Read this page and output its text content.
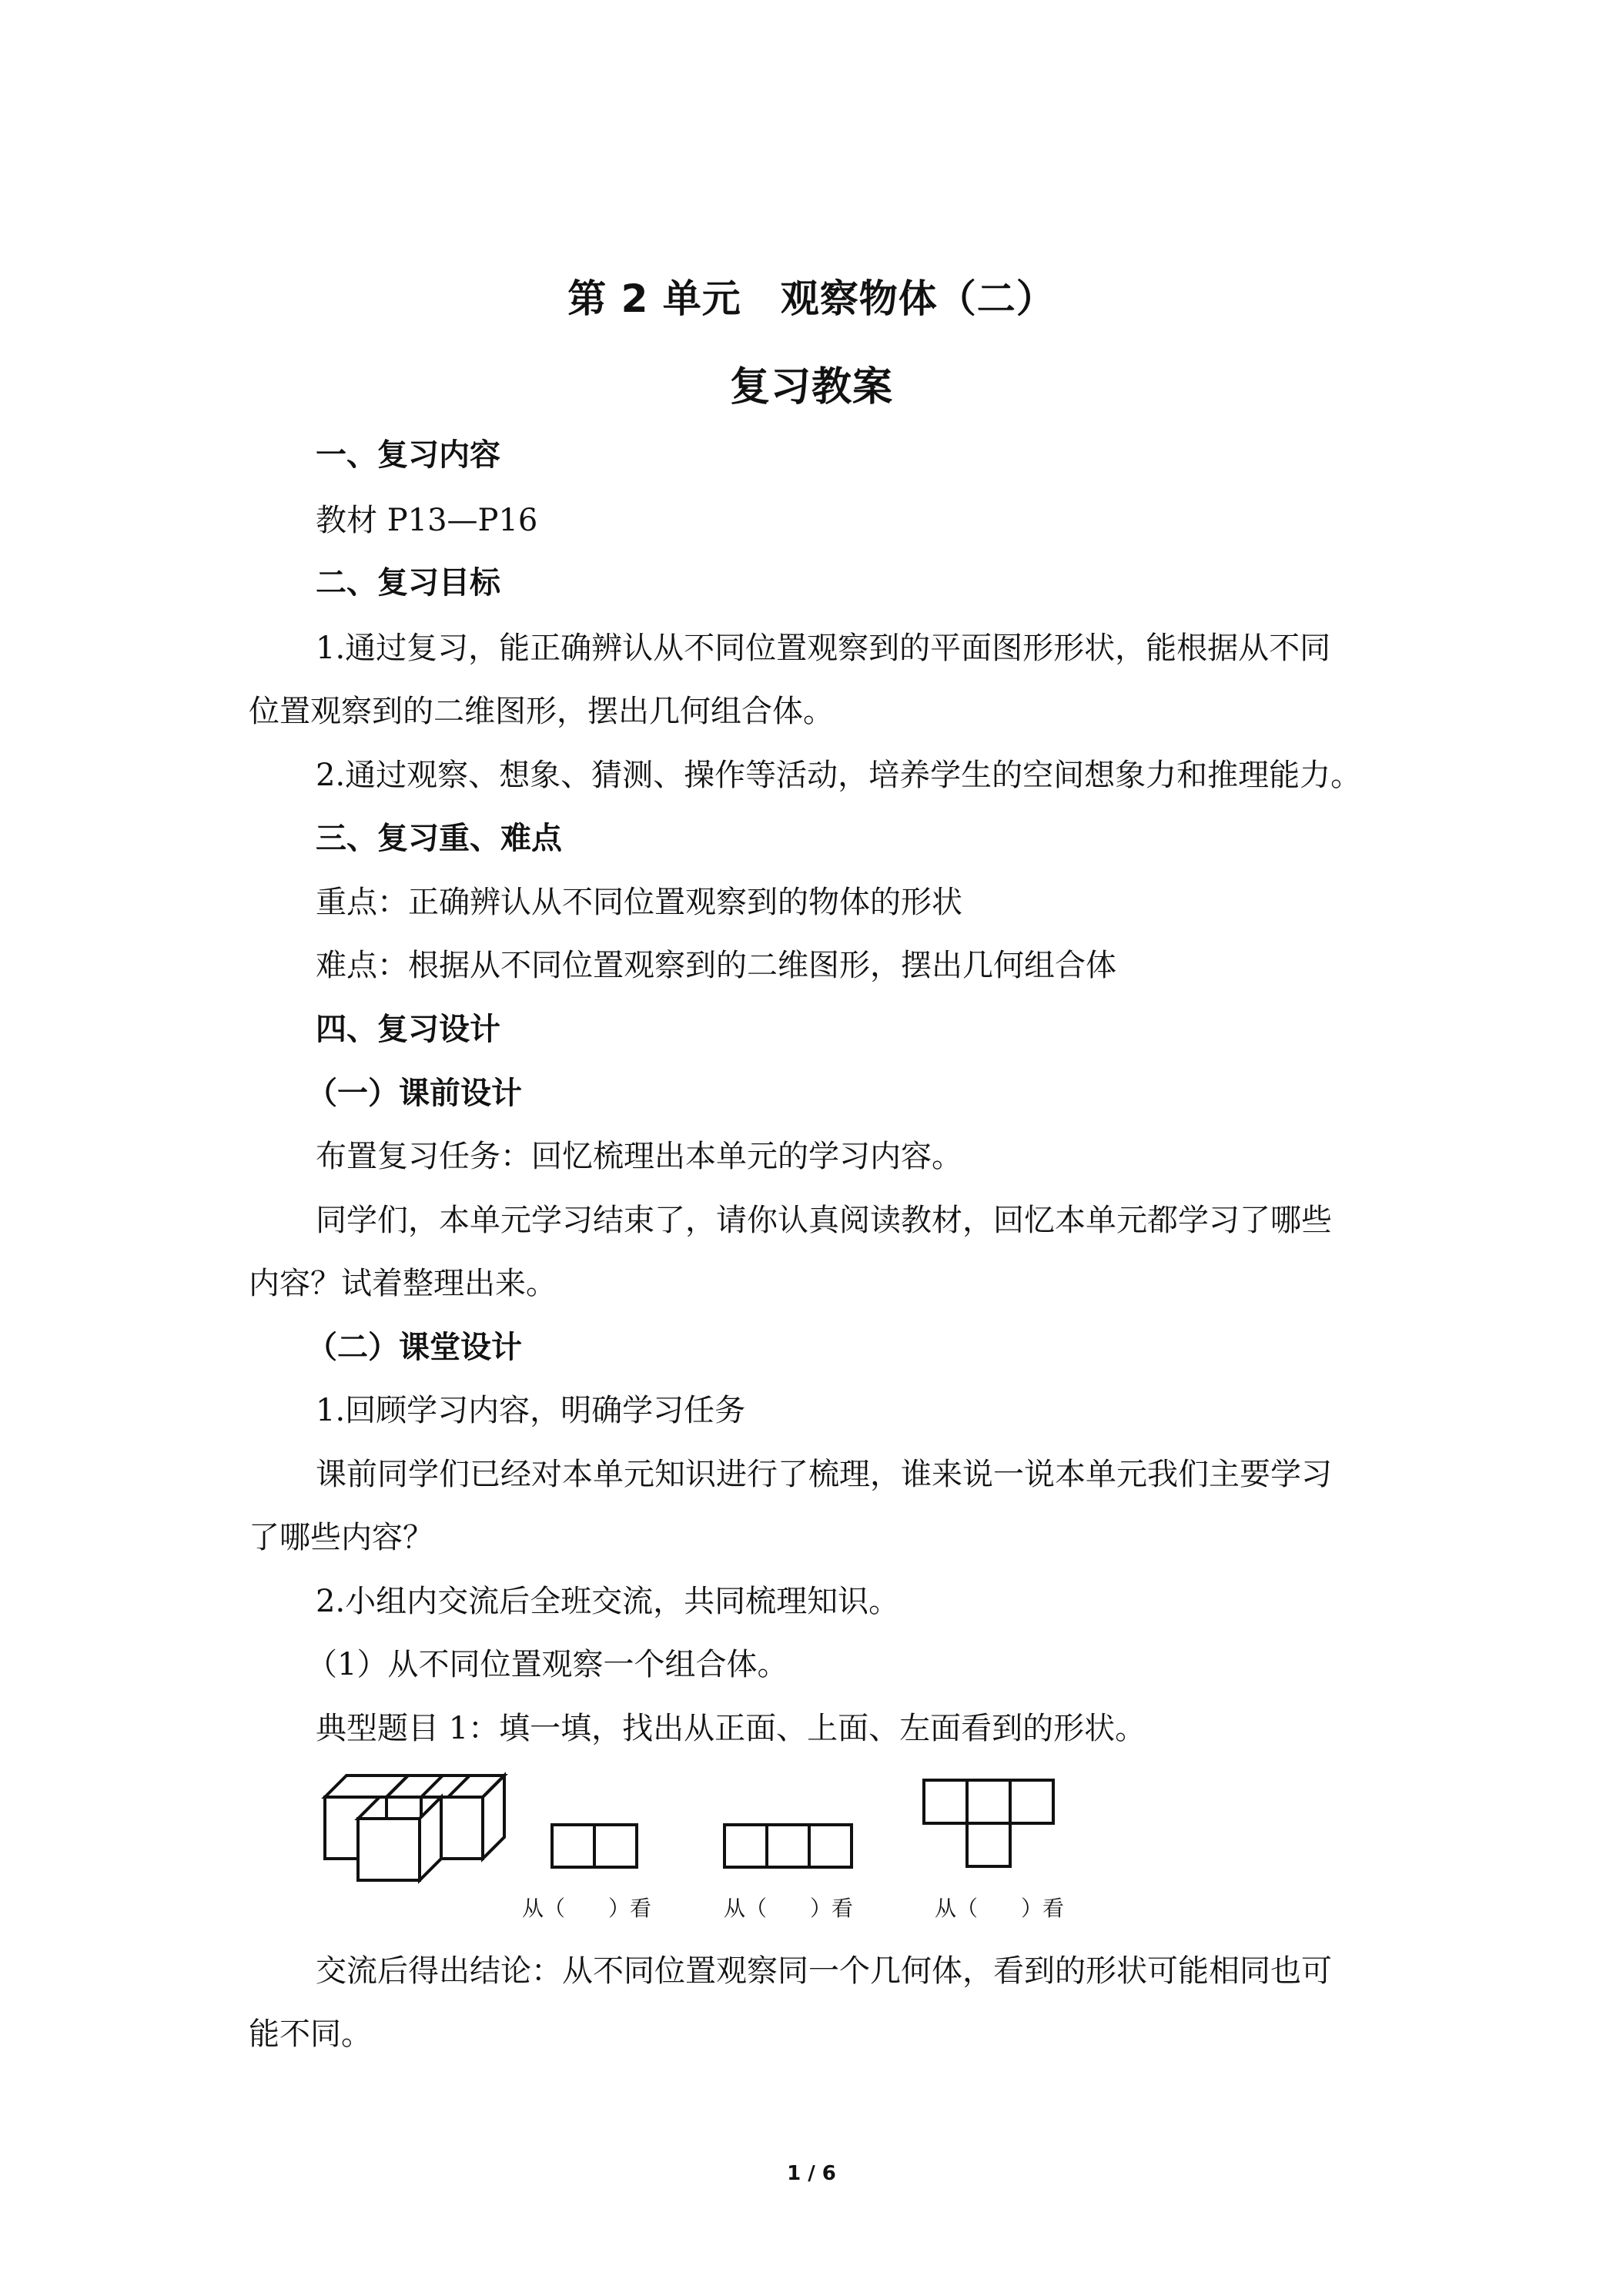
第 2 单元　观察物体（二）
复习教案
一、复习内容
教材 P13—P16
二、复习目标
1.通过复习，能正确辨认从不同位置观察到的平面图形形状，能根据从不同
位置观察到的二维图形，摆出几何组合体。
2.通过观察、想象、猜测、操作等活动，培养学生的空间想象力和推理能力。
三、复习重、难点
重点：正确辨认从不同位置观察到的物体的形状
难点：根据从不同位置观察到的二维图形，摆出几何组合体
四、复习设计
（一）课前设计
布置复习任务：回忆梳理出本单元的学习内容。
同学们，本单元学习结束了，请你认真阅读教材，回忆本单元都学习了哪些
内容？试着整理出来。
（二）课堂设计
1.回顾学习内容，明确学习任务
课前同学们已经对本单元知识进行了梳理，谁来说一说本单元我们主要学习
了哪些内容？
2.小组内交流后全班交流，共同梳理知识。
（1）从不同位置观察一个组合体。
典型题目 1：填一填，找出从正面、上面、左面看到的形状。
从（　　）看	从（　　）看	从（　　）看
交流后得出结论：从不同位置观察同一个几何体，看到的形状可能相同也可
能不同。
1 / 6
